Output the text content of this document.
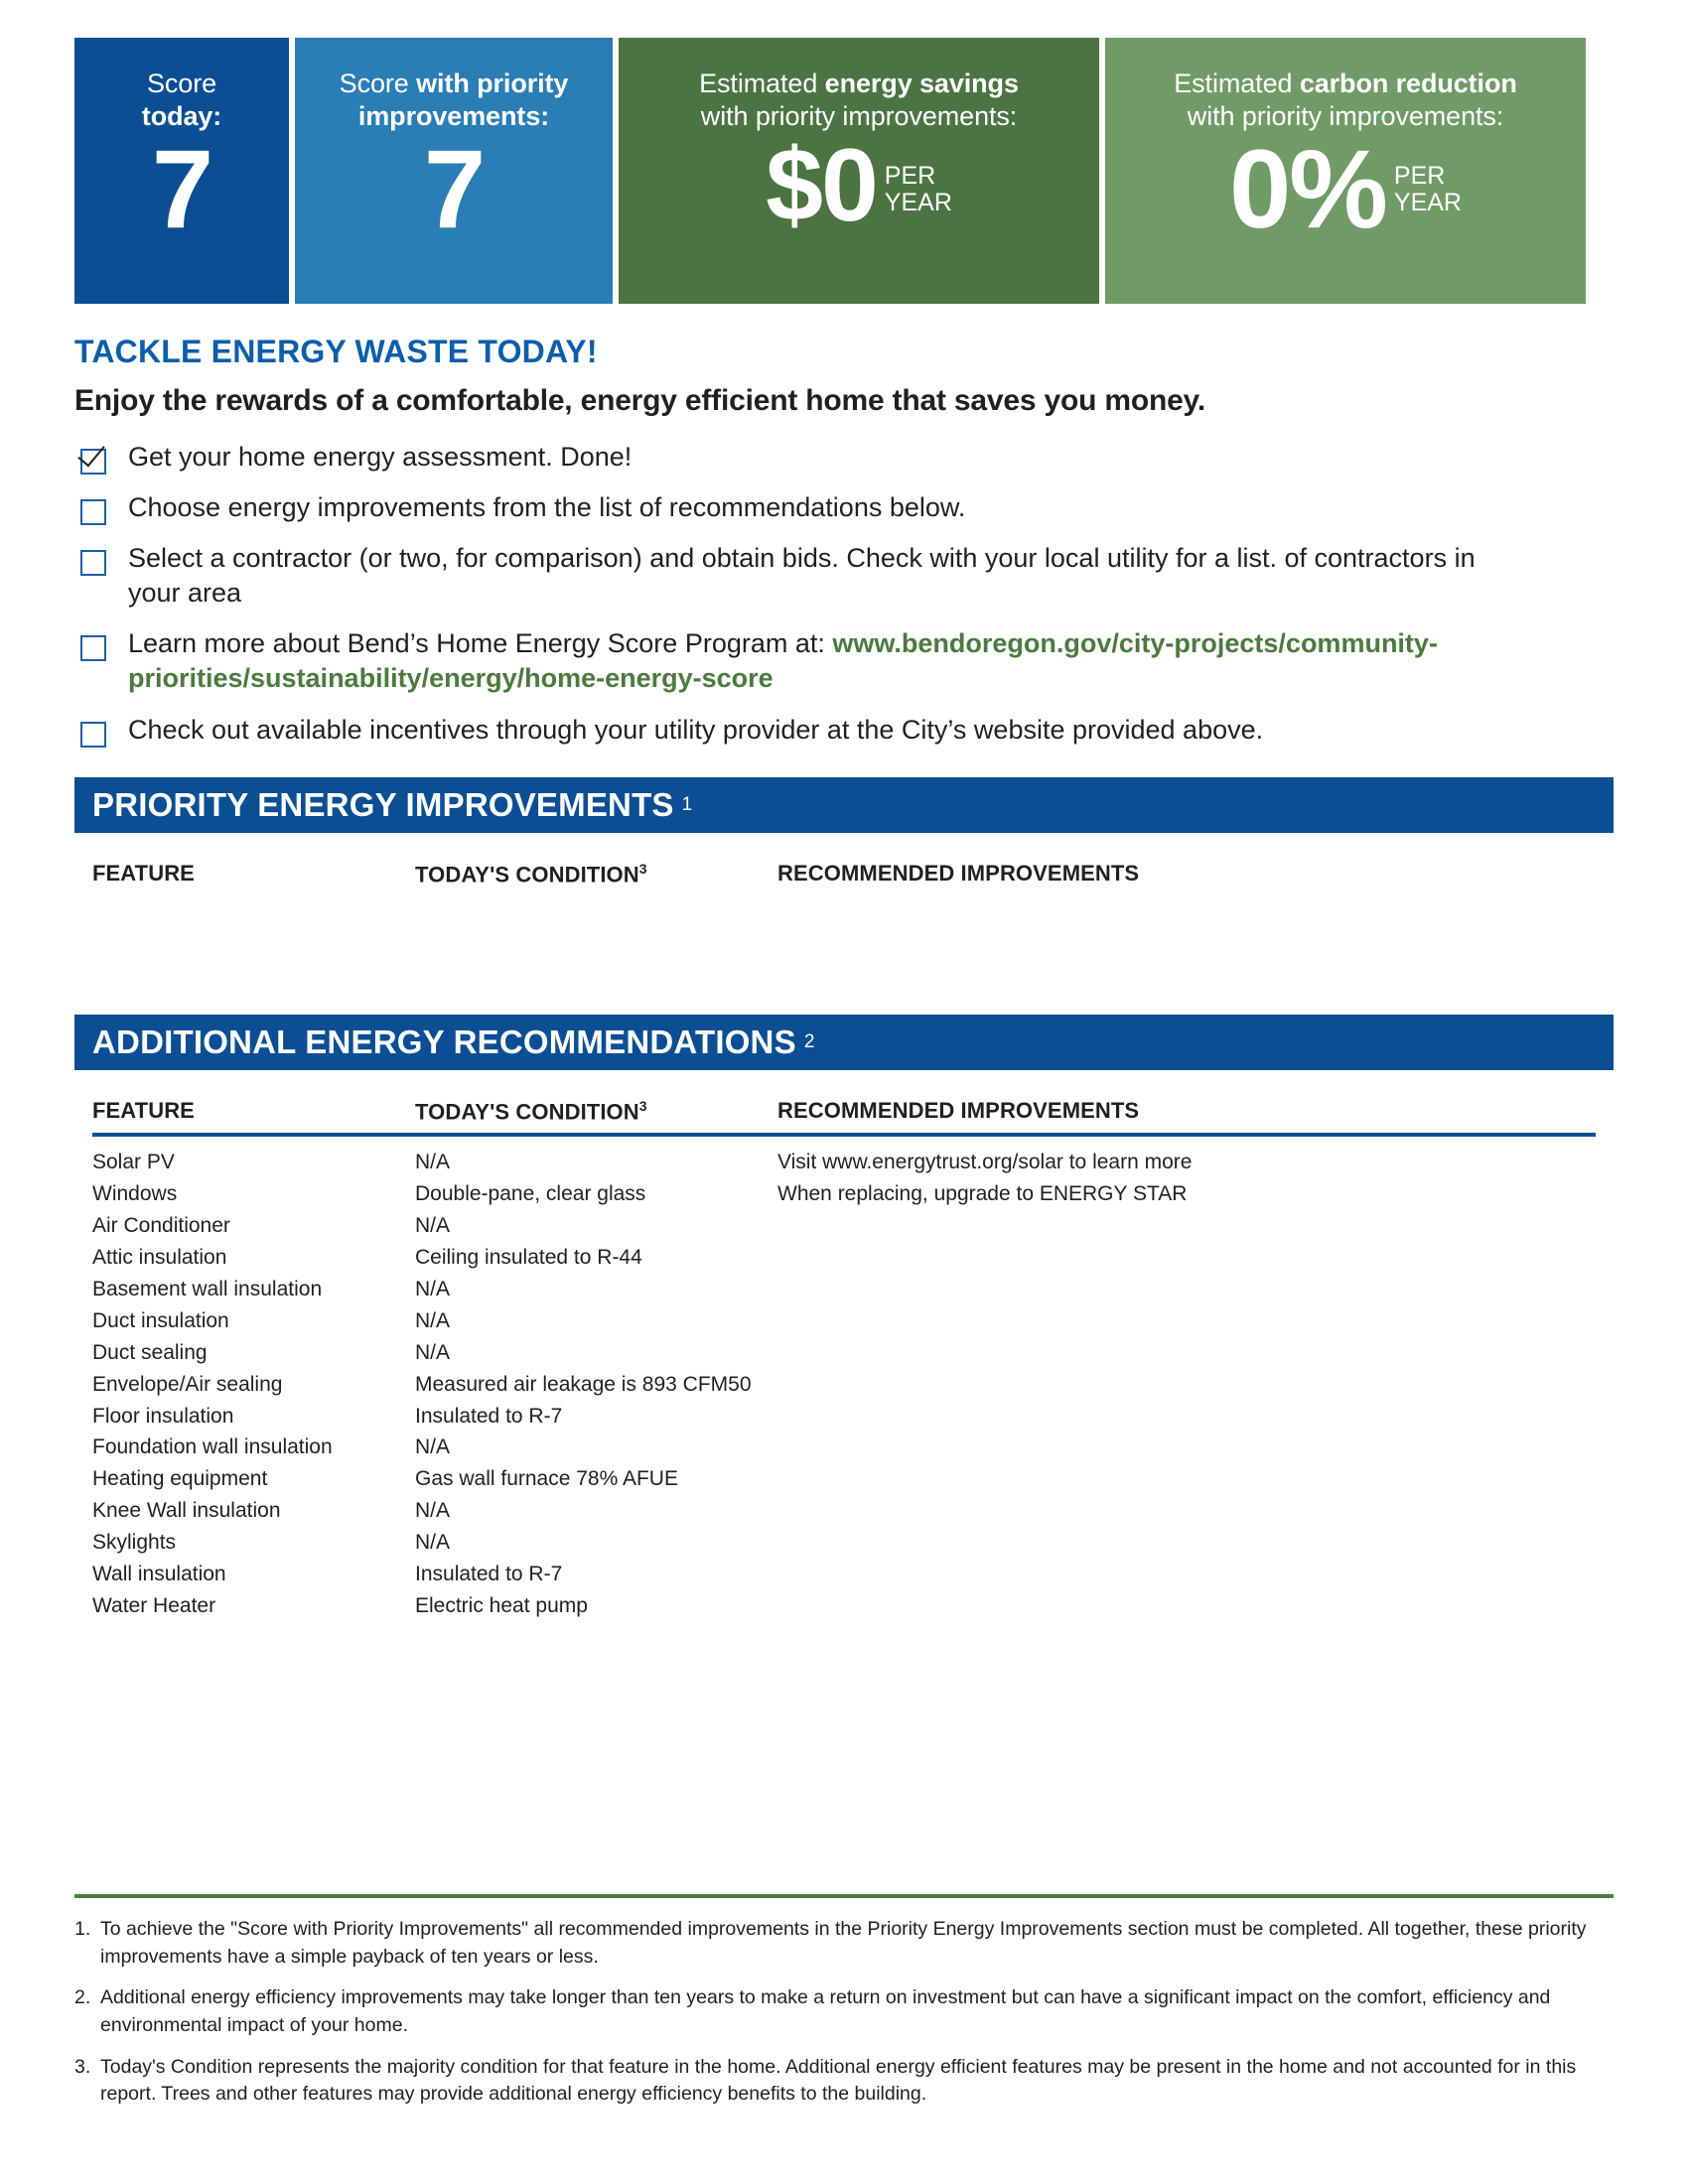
Score
today:
7
Score with priority improvements:
7
Estimated energy savings
with priority improvements:
$0 PER
YEAR
Estimated carbon reduction
with priority improvements:
0% PER
YEAR
TACKLE ENERGY WASTE TODAY!
Enjoy the rewards of a comfortable, energy efficient home that saves you money.
Get your home energy assessment. Done!
Choose energy improvements from the list of recommendations below.
Select a contractor (or two, for comparison) and obtain bids. Check with your local utility for a list. of contractors in your area
Learn more about Bend’s Home Energy Score Program at: www.bendoregon.gov/city-projects/community-priorities/sustainability/energy/home-energy-score
Check out available incentives through your utility provider at the City’s website provided above.
PRIORITY ENERGY IMPROVEMENTS 1
FEATURE	TODAY'S CONDITION$^3$	RECOMMENDED IMPROVEMENTS
ADDITIONAL ENERGY RECOMMENDATIONS 2
FEATURE	TODAY'S CONDITION$^3$	RECOMMENDED IMPROVEMENTS
Solar PV	N/A	Visit www.energytrust.org/solar to learn more
Windows	Double-pane, clear glass	When replacing, upgrade to ENERGY STAR
Air Conditioner	N/A
Attic insulation	Ceiling insulated to R-44
Basement wall insulation	N/A
Duct insulation	N/A
Duct sealing	N/A
Envelope/Air sealing	Measured air leakage is 893 CFM50
Floor insulation	Insulated to R-7
Foundation wall insulation	N/A
Heating equipment	Gas wall furnace 78% AFUE
Knee Wall insulation	N/A
Skylights	N/A
Wall insulation	Insulated to R-7
Water Heater	Electric heat pump
1. To achieve the "Score with Priority Improvements" all recommended improvements in the Priority Energy Improvements section must be completed. All together, these priority improvements have a simple payback of ten years or less.
2. Additional energy efficiency improvements may take longer than ten years to make a return on investment but can have a significant impact on the comfort, efficiency and environmental impact of your home.
3. Today's Condition represents the majority condition for that feature in the home. Additional energy efficient features may be present in the home and not accounted for in this report. Trees and other features may provide additional energy efficiency benefits to the building.
